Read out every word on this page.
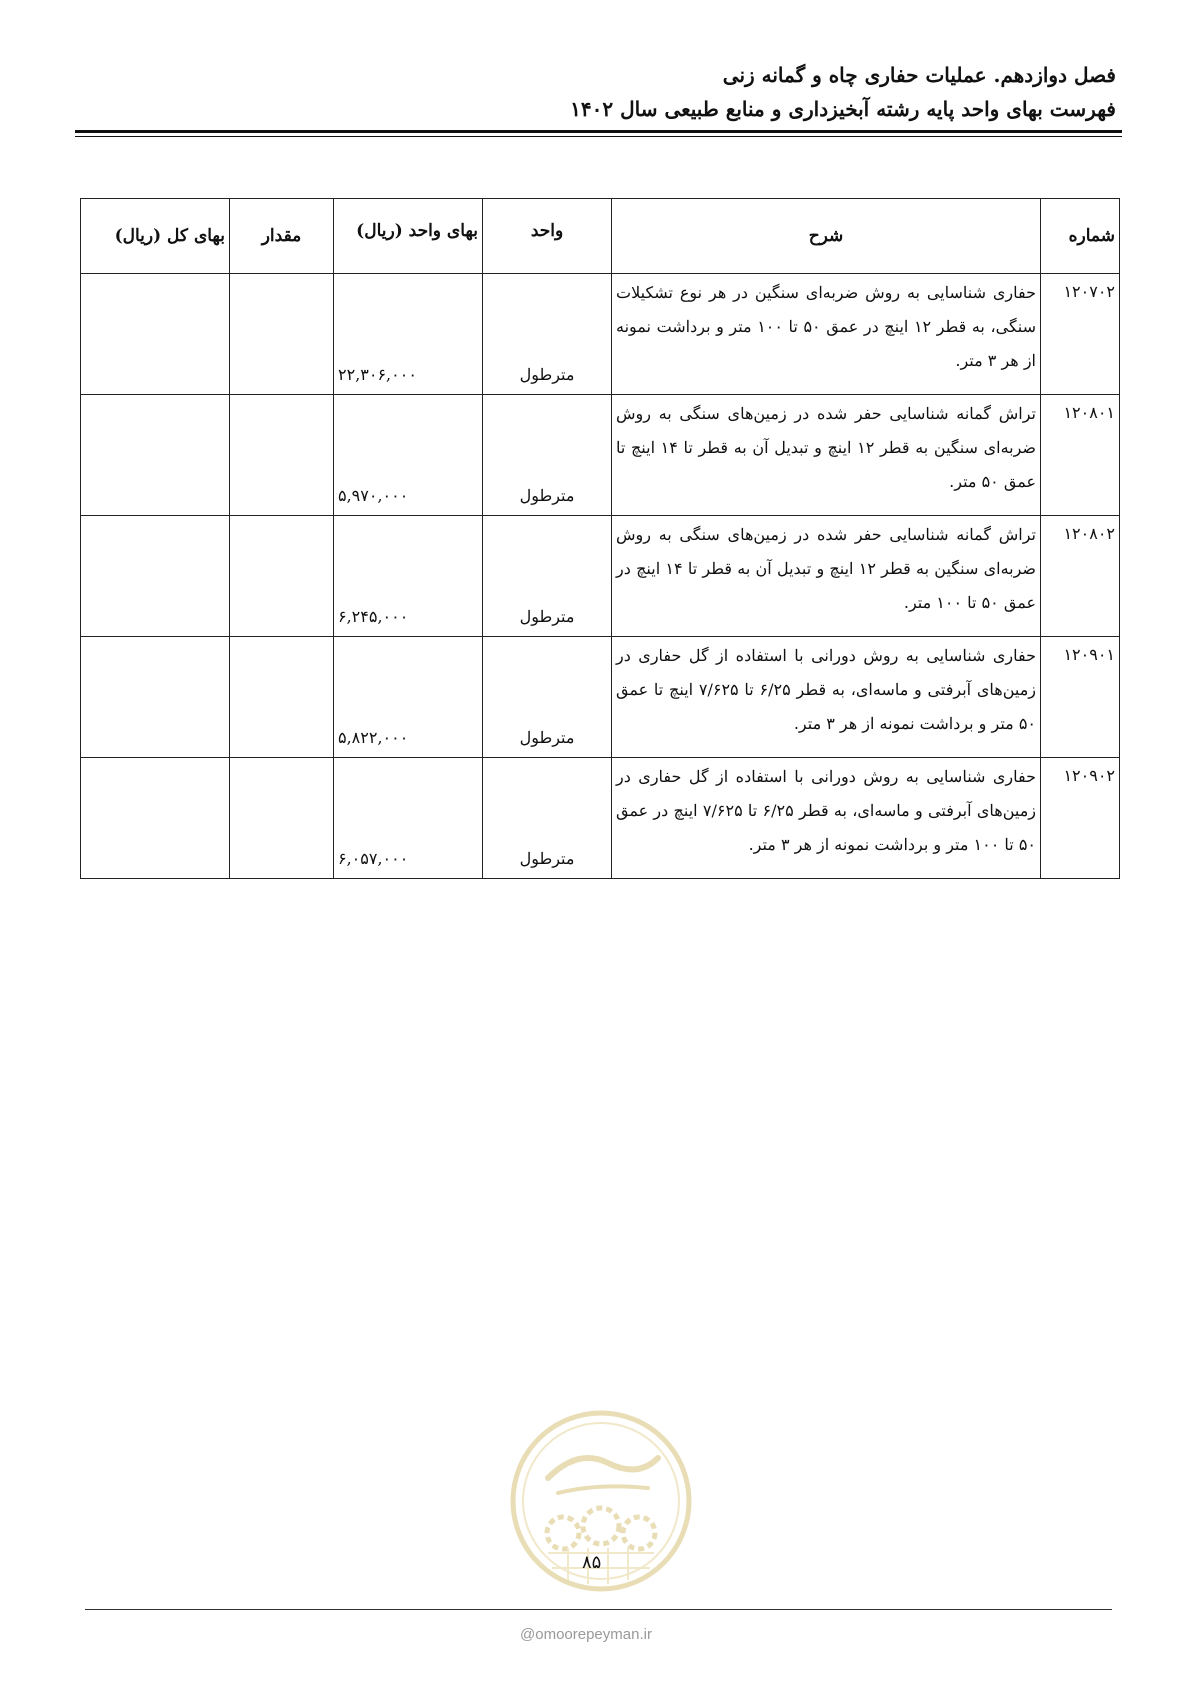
فصل دوازدهم. عملیات حفاری چاه و گمانه زنی
فهرست بهای واحد پایه رشته آبخیزداری و منابع طبیعی سال ۱۴۰۲
شماره	شرح	واحد	بهای واحد (ریال)	مقدار	بهای کل (ریال)
۱۲۰۷۰۲	حفاری شناسایی به روش ضربه‌ای سنگین در هر نوع تشکیلات سنگی، به قطر ۱۲ اینچ در عمق ۵۰ تا ۱۰۰ متر و برداشت نمونه از هر ۳ متر.	مترطول	۲۲,۳۰۶,۰۰۰		
۱۲۰۸۰۱	تراش گمانه شناسایی حفر شده در زمین‌های سنگی به روش ضربه‌ای سنگین به قطر ۱۲ اینچ و تبدیل آن به قطر تا ۱۴ اینچ تا عمق ۵۰ متر.	مترطول	۵,۹۷۰,۰۰۰		
۱۲۰۸۰۲	تراش گمانه شناسایی حفر شده در زمین‌های سنگی به روش ضربه‌ای سنگین به قطر ۱۲ اینچ و تبدیل آن به قطر تا ۱۴ اینچ در عمق ۵۰ تا ۱۰۰ متر.	مترطول	۶,۲۴۵,۰۰۰		
۱۲۰۹۰۱	حفاری شناسایی به روش دورانی با استفاده از گل حفاری در زمین‌های آبرفتی و ماسه‌ای، به قطر ۶/۲۵ تا ۷/۶۲۵ اینچ تا عمق ۵۰ متر و برداشت نمونه از هر ۳ متر.	مترطول	۵,۸۲۲,۰۰۰		
۱۲۰۹۰۲	حفاری شناسایی به روش دورانی با استفاده از گل حفاری در زمین‌های آبرفتی و ماسه‌ای، به قطر ۶/۲۵ تا ۷/۶۲۵ اینچ در عمق ۵۰ تا ۱۰۰ متر و برداشت نمونه از هر ۳ متر.	مترطول	۶,۰۵۷,۰۰۰		
۸۵
@omoorepeyman.ir
